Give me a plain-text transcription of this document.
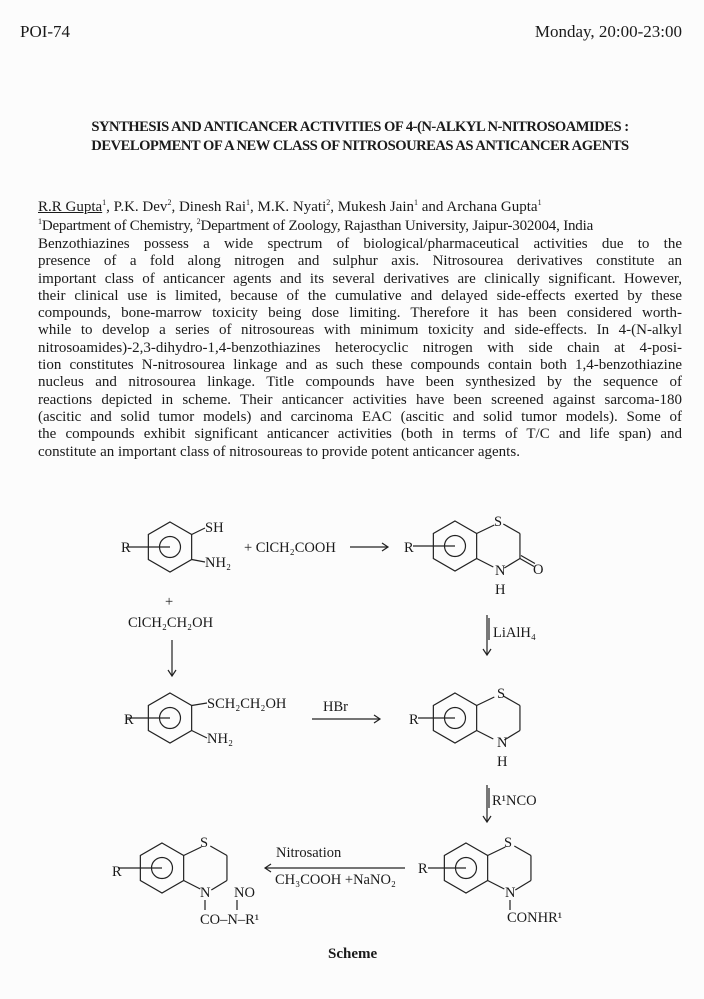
POI-74	Monday, 20:00-23:00
SYNTHESIS AND ANTICANCER ACTIVITIES OF 4-(N-ALKYL N-NITROSOAMIDES :
DEVELOPMENT OF A NEW CLASS OF NITROSOUREAS AS ANTICANCER AGENTS
R.R Gupta$^1$, P.K. Dev$^2$, Dinesh Rai$^1$, M.K. Nyati$^2$, Mukesh Jain$^1$ and Archana Gupta$^1$
$^1$Department of Chemistry, $^2$Department of Zoology, Rajasthan University, Jaipur-302004, India
Benzothiazines possess a wide spectrum of biological/pharmaceutical activities due to the
presence of a fold along nitrogen and sulphur axis. Nitrosourea derivatives constitute an
important class of anticancer agents and its several derivatives are clinically significant. However,
their clinical use is limited, because of the cumulative and delayed side-effects exerted by these
compounds, bone-marrow toxicity being dose limiting. Therefore it has been considered worth-
while to develop a series of nitrosoureas with minimum toxicity and side-effects. In 4-(N-alkyl
nitrosoamides)-2,3-dihydro-1,4-benzothiazines heterocyclic nitrogen with side chain at 4-posi-
tion constitutes N-nitrosourea linkage and as such these compounds contain both 1,4-benzothiazine
nucleus and nitrosourea linkage. Title compounds have been synthesized by the sequence of
reactions depicted in scheme. Their anticancer activities have been screened against sarcoma-180
(ascitic and solid tumor models) and carcinoma EAC (ascitic and solid tumor models). Some of
the compounds exhibit significant anticancer activities (both in terms of T/C and life span) and
constitute an important class of nitrosoureas to provide potent anticancer agents.
R
SH
NH₂
+ ClCH₂COOH	R
S
N
H
O
+
ClCH₂CH₂OH
LiAlH₄
R
SCH₂CH₂OH
NH₂
HBr
R
S
N
H
R¹NCO
R
S
N
CONHR¹
Nitrosation
CH₃COOH +NaNO₂
R
S
N NO
CO–N–R¹
Scheme
